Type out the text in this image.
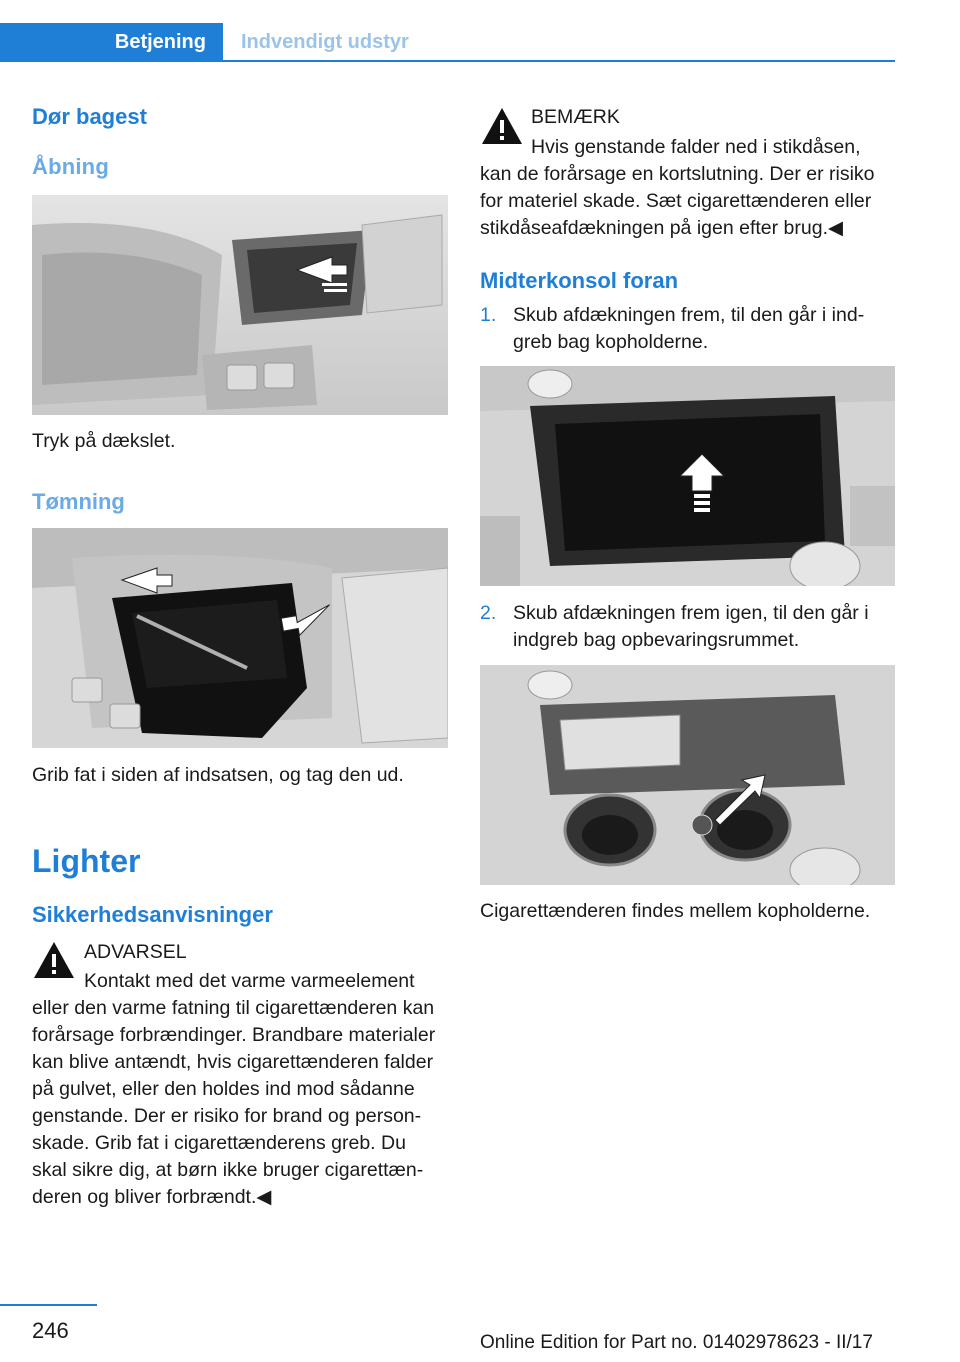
Betjening	Indvendigt udstyr
Dør bagest
Åbning
Tryk på dækslet.
Tømning
Grib fat i siden af indsatsen, og tag den ud.
Lighter
Sikkerhedsanvisninger
ADVARSEL
Kontakt med det varme varmeelement
eller den varme fatning til cigarettænderen kan
forårsage forbrændinger. Brandbare materialer
kan blive antændt, hvis cigarettænderen falder
på gulvet, eller den holdes ind mod sådanne
genstande. Der er risiko for brand og person‐
skade. Grib fat i cigarettænderens greb. Du
skal sikre dig, at børn ikke bruger cigarettæn‐
deren og bliver forbrændt.◀
BEMÆRK
Hvis genstande falder ned i stikdåsen,
kan de forårsage en kortslutning. Der er risiko
for materiel skade. Sæt cigarettænderen eller
stikdåseafdækningen på igen efter brug.◀
Midterkonsol foran
1. Skub afdækningen frem, til den går i ind‐
greb bag kopholderne.
2. Skub afdækningen frem igen, til den går i
indgreb bag opbevaringsrummet.
Cigarettænderen findes mellem kopholderne.
246	Online Edition for Part no. 01402978623 - II/17
